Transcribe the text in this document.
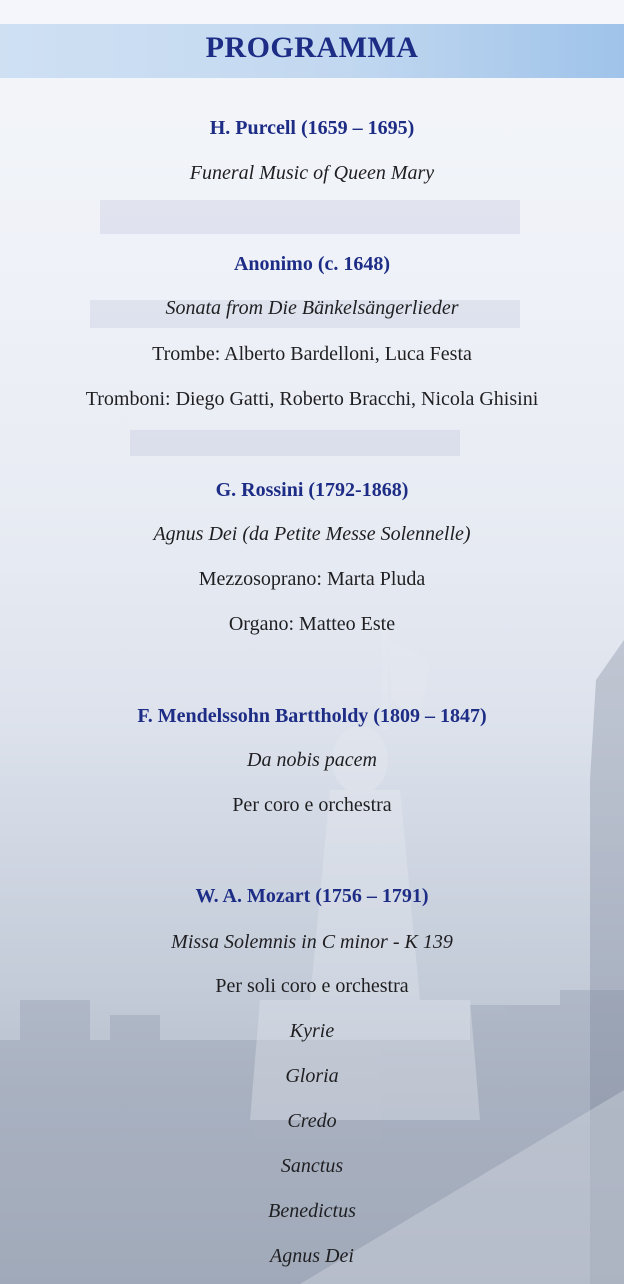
PROGRAMMA
H. Purcell (1659 – 1695)
Funeral Music of Queen Mary
Anonimo (c. 1648)
Sonata from Die Bänkelsängerlieder
Trombe: Alberto Bardelloni, Luca Festa
Tromboni: Diego Gatti, Roberto Bracchi, Nicola Ghisini
G. Rossini (1792-1868)
Agnus Dei (da Petite Messe Solennelle)
Mezzosoprano: Marta Pluda
Organo: Matteo Este
F. Mendelssohn Barttholdy (1809 – 1847)
Da nobis pacem
Per coro e orchestra
W. A. Mozart (1756 – 1791)
Missa Solemnis in C minor - K 139
Per soli coro e orchestra
Kyrie
Gloria
Credo
Sanctus
Benedictus
Agnus Dei
